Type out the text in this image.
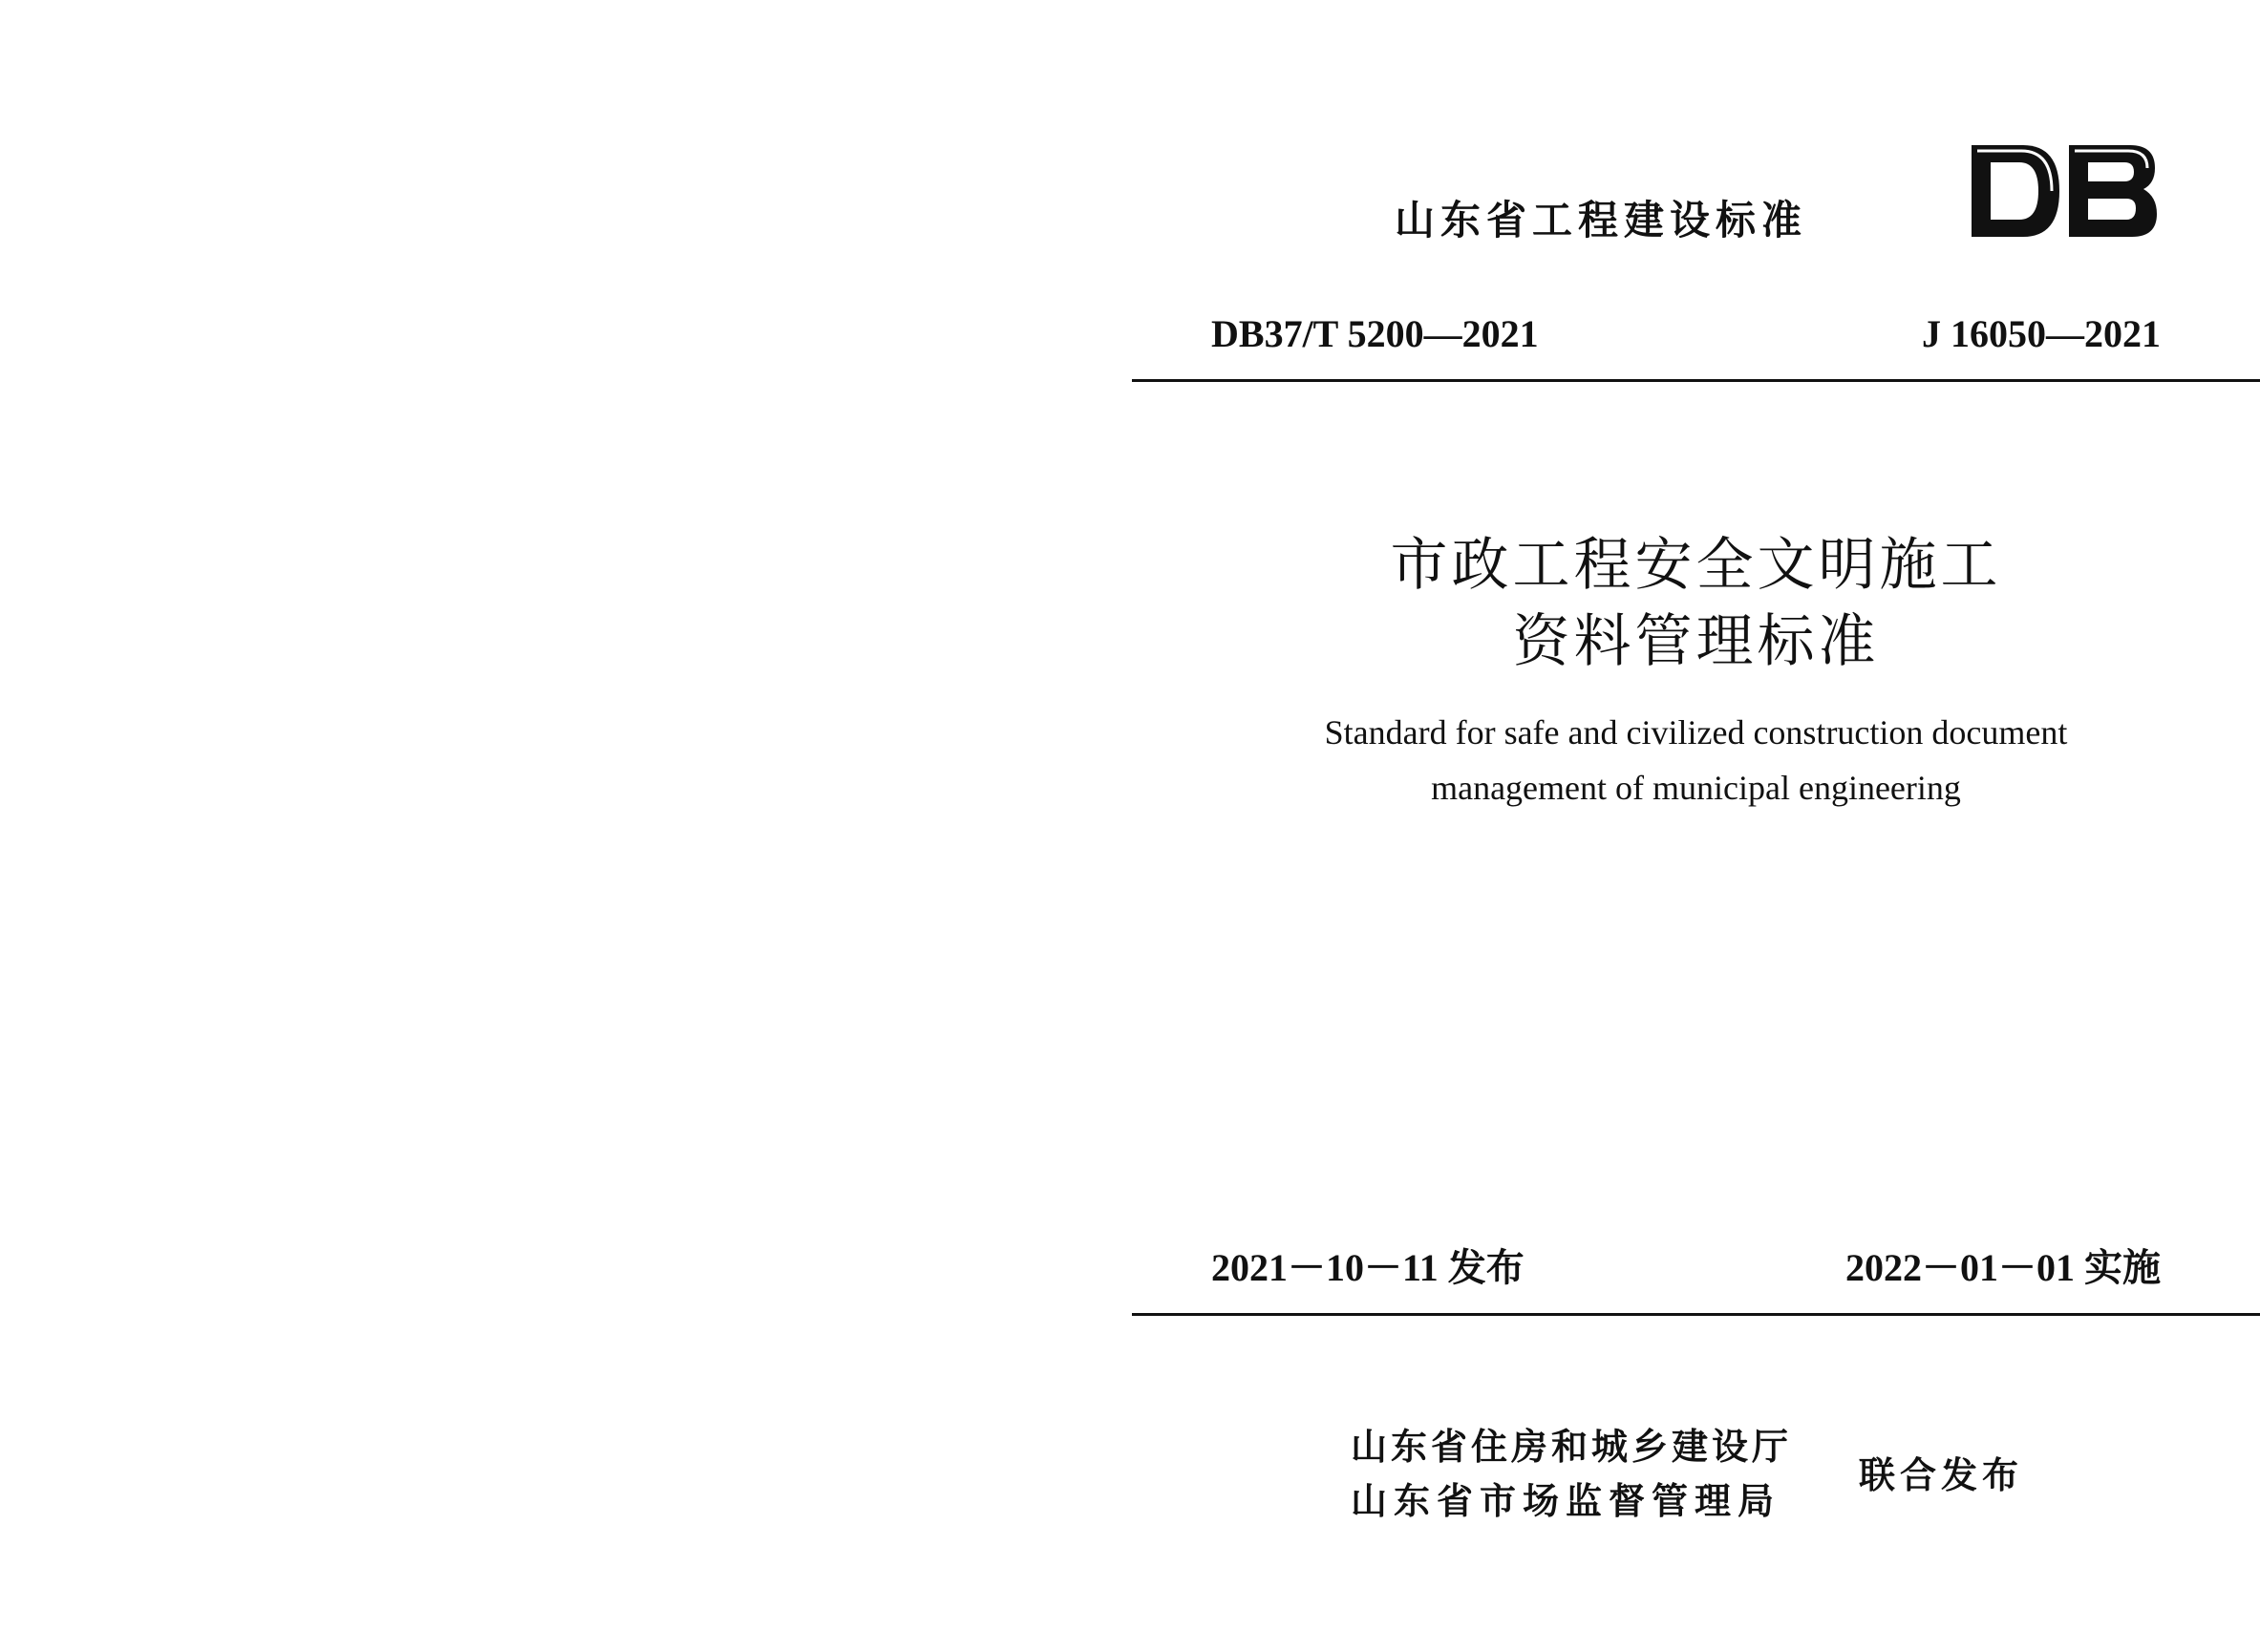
山东省工程建设标准
DB37/T 5200—2021	J 16050—2021
市政工程安全文明施工
资料管理标准
Standard for safe and civilized construction document
management of municipal engineering
2021－10－11 发布	2022－01－01 实施
山东省住房和城乡建设厅
山东省市场监督管理局
联合发布
